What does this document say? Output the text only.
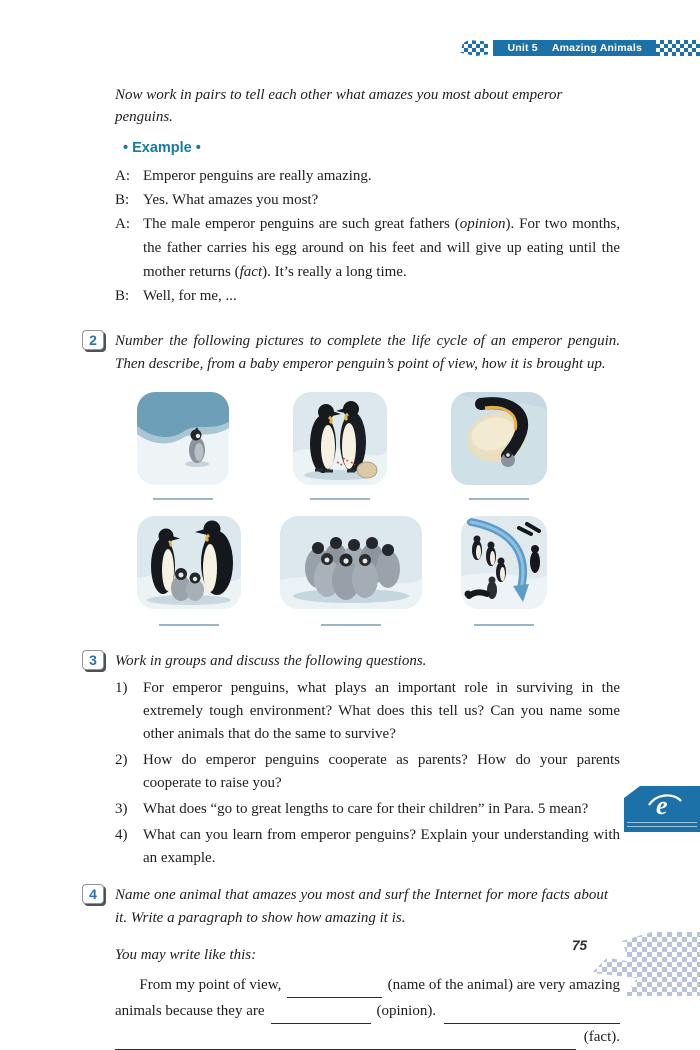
Unit 5 Amazing Animals

Now work in pairs to tell each other what amazes you most about emperor penguins.

• Example •

A: Emperor penguins are really amazing.

B: Yes. What amazes you most?

A: The male emperor penguins are such great fathers (opinion). For two months, the father carries his egg around on his feet and will give up eating until the mother returns (fact). It’s really a long time.

B: Well, for me, ...

2	Number the following pictures to complete the life cycle of an emperor penguin. Then describe, from a baby emperor penguin’s point of view, how it is brought up.

3	Work in groups and discuss the following questions.

1) For emperor penguins, what plays an important role in surviving in the extremely tough environment? What does this tell us? Can you name some other animals that do the same to survive?

2) How do emperor penguins cooperate as parents? How do your parents cooperate to raise you?

3) What does “go to great lengths to care for their children” in Para. 5 mean?

4) What can you learn from emperor penguins? Explain your understanding with an example.

4	Name one animal that amazes you most and surf the Internet for more facts about it. Write a paragraph to show how amazing it is.

You may write like this:

From my point of view,	(name of the animal) are very amazing
animals because they are	(opinion).
(fact).
e
75
